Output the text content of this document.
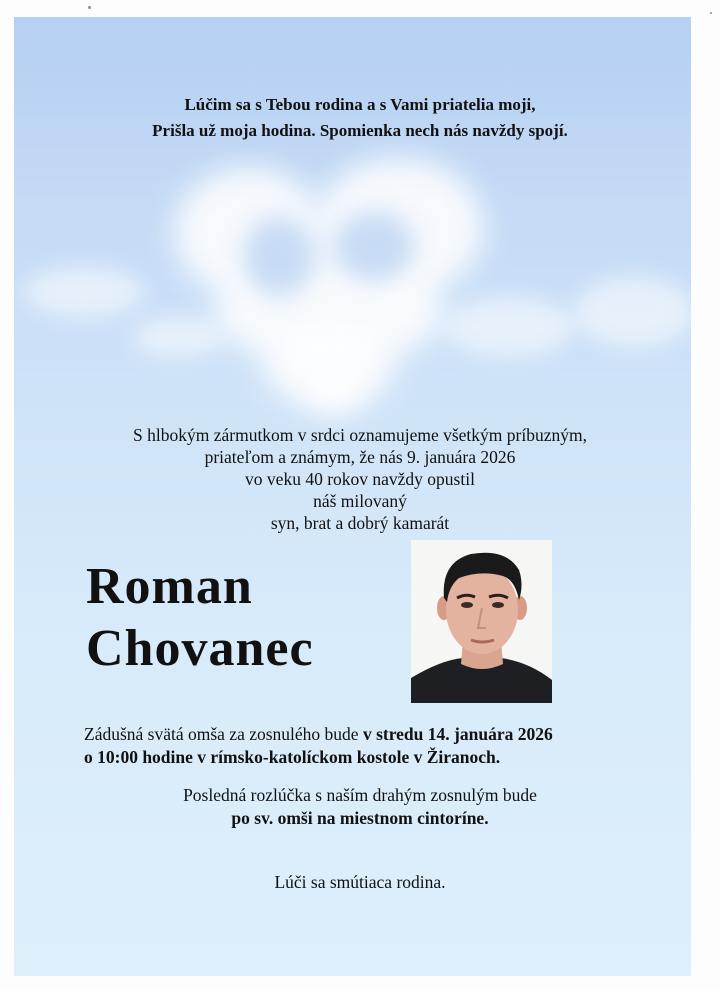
Lúčim sa s Tebou rodina a s Vami priatelia moji,
Prišla už moja hodina. Spomienka nech nás navždy spojí.
S hlbokým zármutkom v srdci oznamujeme všetkým príbuzným,
priateľom a známym, že nás 9. januára 2026
vo veku 40 rokov navždy opustil
náš milovaný
syn, brat a dobrý kamarát
Roman
Chovanec
Zádušná svätá omša za zosnulého bude v stredu 14. januára 2026
o 10:00 hodine v rímsko-katolíckom kostole v Žiranoch.
Posledná rozlúčka s naším drahým zosnulým bude
po sv. omši na miestnom cintoríne.
Lúči sa smútiaca rodina.
